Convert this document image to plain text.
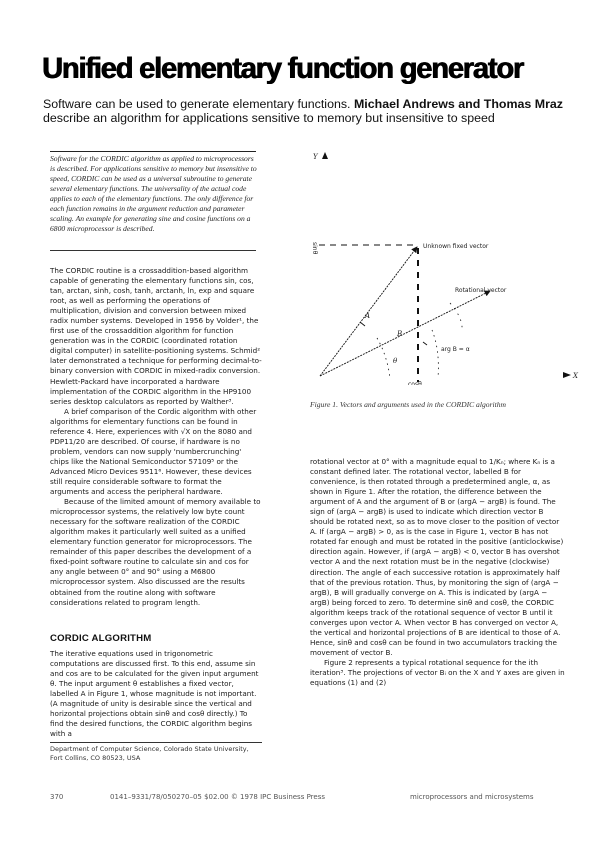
Unified elementary function generator
Software can be used to generate elementary functions. Michael Andrews and Thomas Mraz describe an algorithm for applications sensitive to memory but insensitive to speed
Software for the CORDIC algorithm as applied to microprocessors is described. For applications sensitive to memory but insensitive to speed, CORDIC can be used as a universal subroutine to generate several elementary functions. The universality of the actual code applies to each of the elementary functions. The only difference for each function remains in the argument reduction and parameter scaling. An example for generating sine and cosine functions on a 6800 microprocessor is described.

The CORDIC routine is a crossaddition-based algorithm capable of generating the elementary functions sin, cos, tan, arctan, sinh, cosh, tanh, arctanh, ln, exp and square root, as well as performing the operations of multiplication, division and conversion between mixed radix number systems. Developed in 1956 by Volder¹, the first use of the crossaddition algorithm for function generation was in the CORDIC (coordinated rotation digital computer) in satellite-positioning systems. Schmid² later demonstrated a technique for performing decimal-to-binary conversion with CORDIC in mixed-radix conversion. Hewlett-Packard have incorporated a hardware implementation of the CORDIC algorithm in the HP9100 series desktop calculators as reported by Walther³.

A brief comparison of the Cordic algorithm with other algorithms for elementary functions can be found in reference 4. Here, experiences with √X on the 8080 and PDP11/20 are described. Of course, if hardware is no problem, vendors can now supply 'numbercrunching' chips like the National Semiconductor 57109⁵ or the Advanced Micro Devices 9511⁶. However, these devices still require considerable software to format the arguments and access the peripheral hardware.

Because of the limited amount of memory available to microprocessor systems, the relatively low byte count necessary for the software realization of the CORDIC algorithm makes it particularly well suited as a unified elementary function generator for microprocessors. The remainder of this paper describes the development of a fixed-point software routine to calculate sin and cos for any angle between 0° and 90° using a M6800 microprocessor system. Also discussed are the results obtained from the routine along with software considerations related to program length.

CORDIC ALGORITHM

The iterative equations used in trigonometric computations are discussed first. To this end, assume sin and cos are to be calculated for the given input argument θ. The input argument θ establishes a fixed vector, labelled A in Figure 1, whose magnitude is not important. (A magnitude of unity is desirable since the vertical and horizontal projections obtain sinθ and cosθ directly.) To find the desired functions, the CORDIC algorithm begins with a

Department of Computer Science, Colorado State University,
Fort Collins, CO 80523, USA
Y
X
sinθ
cosθ
Unknown fixed vector
A
Rotational vector
B
θ
arg B = α
Figure 1. Vectors and arguments used in the CORDIC algorithm

rotational vector at 0° with a magnitude equal to 1/Kₙ; where Kₙ is a constant defined later. The rotational vector, labelled B for convenience, is then rotated through a predetermined angle, α, as shown in Figure 1. After the rotation, the difference between the argument of A and the argument of B or (argA − argB) is found. The sign of (argA − argB) is used to indicate which direction vector B should be rotated next, so as to move closer to the position of vector A. If (argA − argB) > 0, as is the case in Figure 1, vector B has not rotated far enough and must be rotated in the positive (anticlockwise) direction again. However, if (argA − argB) < 0, vector B has overshot vector A and the next rotation must be in the negative (clockwise) direction. The angle of each successive rotation is approximately half that of the previous rotation. Thus, by monitoring the sign of (argA − argB), B will gradually converge on A. This is indicated by (argA − argB) being forced to zero. To determine sinθ and cosθ, the CORDIC algorithm keeps track of the rotational sequence of vector B until it converges upon vector A. When vector B has converged on vector A, the vertical and horizontal projections of B are identical to those of A. Hence, sinθ and cosθ can be found in two accumulators tracking the movement of vector B.

Figure 2 represents a typical rotational sequence for the ith iteration³. The projections of vector Bᵢ on the X and Y axes are given in equations (1) and (2)

370	0141–9331/78/050270–05 $02.00 © 1978 IPC Business Press	microprocessors and microsystems
